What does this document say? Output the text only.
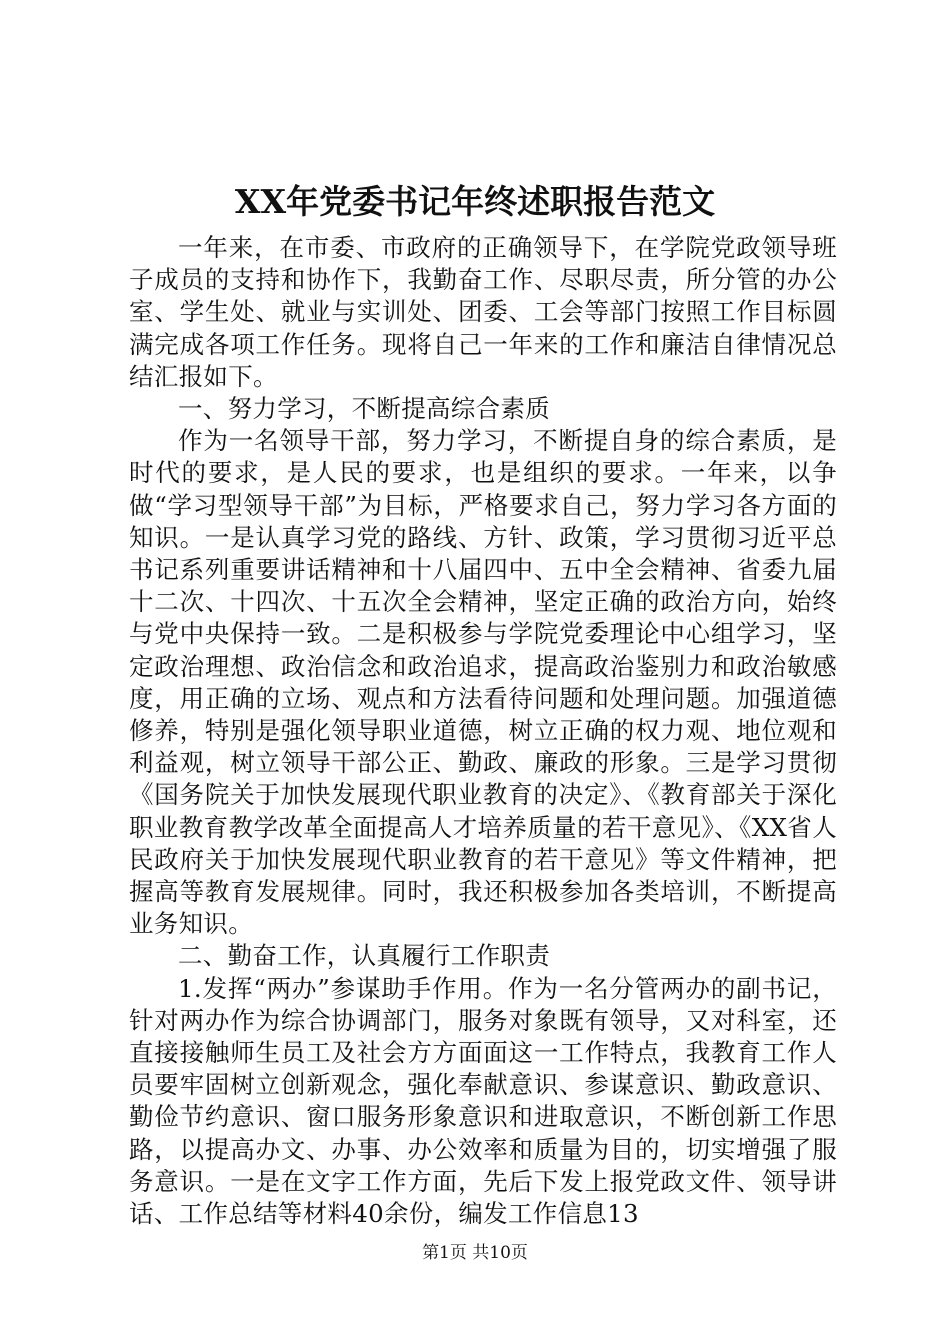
XX年党委书记年终述职报告范文

一年来，在市委、市政府的正确领导下，在学院党政领导班子成员的支持和协作下，我勤奋工作、尽职尽责，所分管的办公室、学生处、就业与实训处、团委、工会等部门按照工作目标圆满完成各项工作任务。现将自己一年来的工作和廉洁自律情况总结汇报如下。

一、努力学习，不断提高综合素质

作为一名领导干部，努力学习，不断提自身的综合素质，是时代的要求，是人民的要求，也是组织的要求。一年来，以争做“学习型领导干部”为目标，严格要求自己，努力学习各方面的知识。一是认真学习党的路线、方针、政策，学习贯彻习近平总书记系列重要讲话精神和十八届四中、五中全会精神、省委九届十二次、十四次、十五次全会精神，坚定正确的政治方向，始终与党中央保持一致。二是积极参与学院党委理论中心组学习，坚定政治理想、政治信念和政治追求，提高政治鉴别力和政治敏感度，用正确的立场、观点和方法看待问题和处理问题。加强道德修养，特别是强化领导职业道德，树立正确的权力观、地位观和利益观，树立领导干部公正、勤政、廉政的形象。三是学习贯彻《国务院关于加快发展现代职业教育的决定》、《教育部关于深化职业教育教学改革全面提高人才培养质量的若干意见》、《XX省人民政府关于加快发展现代职业教育的若干意见》等文件精神，把握高等教育发展规律。同时，我还积极参加各类培训，不断提高业务知识。

二、勤奋工作，认真履行工作职责

1.发挥“两办”参谋助手作用。作为一名分管两办的副书记，针对两办作为综合协调部门，服务对象既有领导，又对科室，还直接接触师生员工及社会方方面面这一工作特点，我教育工作人员要牢固树立创新观念，强化奉献意识、参谋意识、勤政意识、勤俭节约意识、窗口服务形象意识和进取意识，不断创新工作思路，以提高办文、办事、办公效率和质量为目的，切实增强了服务意识。一是在文字工作方面，先后下发上报党政文件、领导讲话、工作总结等材料40余份，编发工作信息13

第1页 共10页
